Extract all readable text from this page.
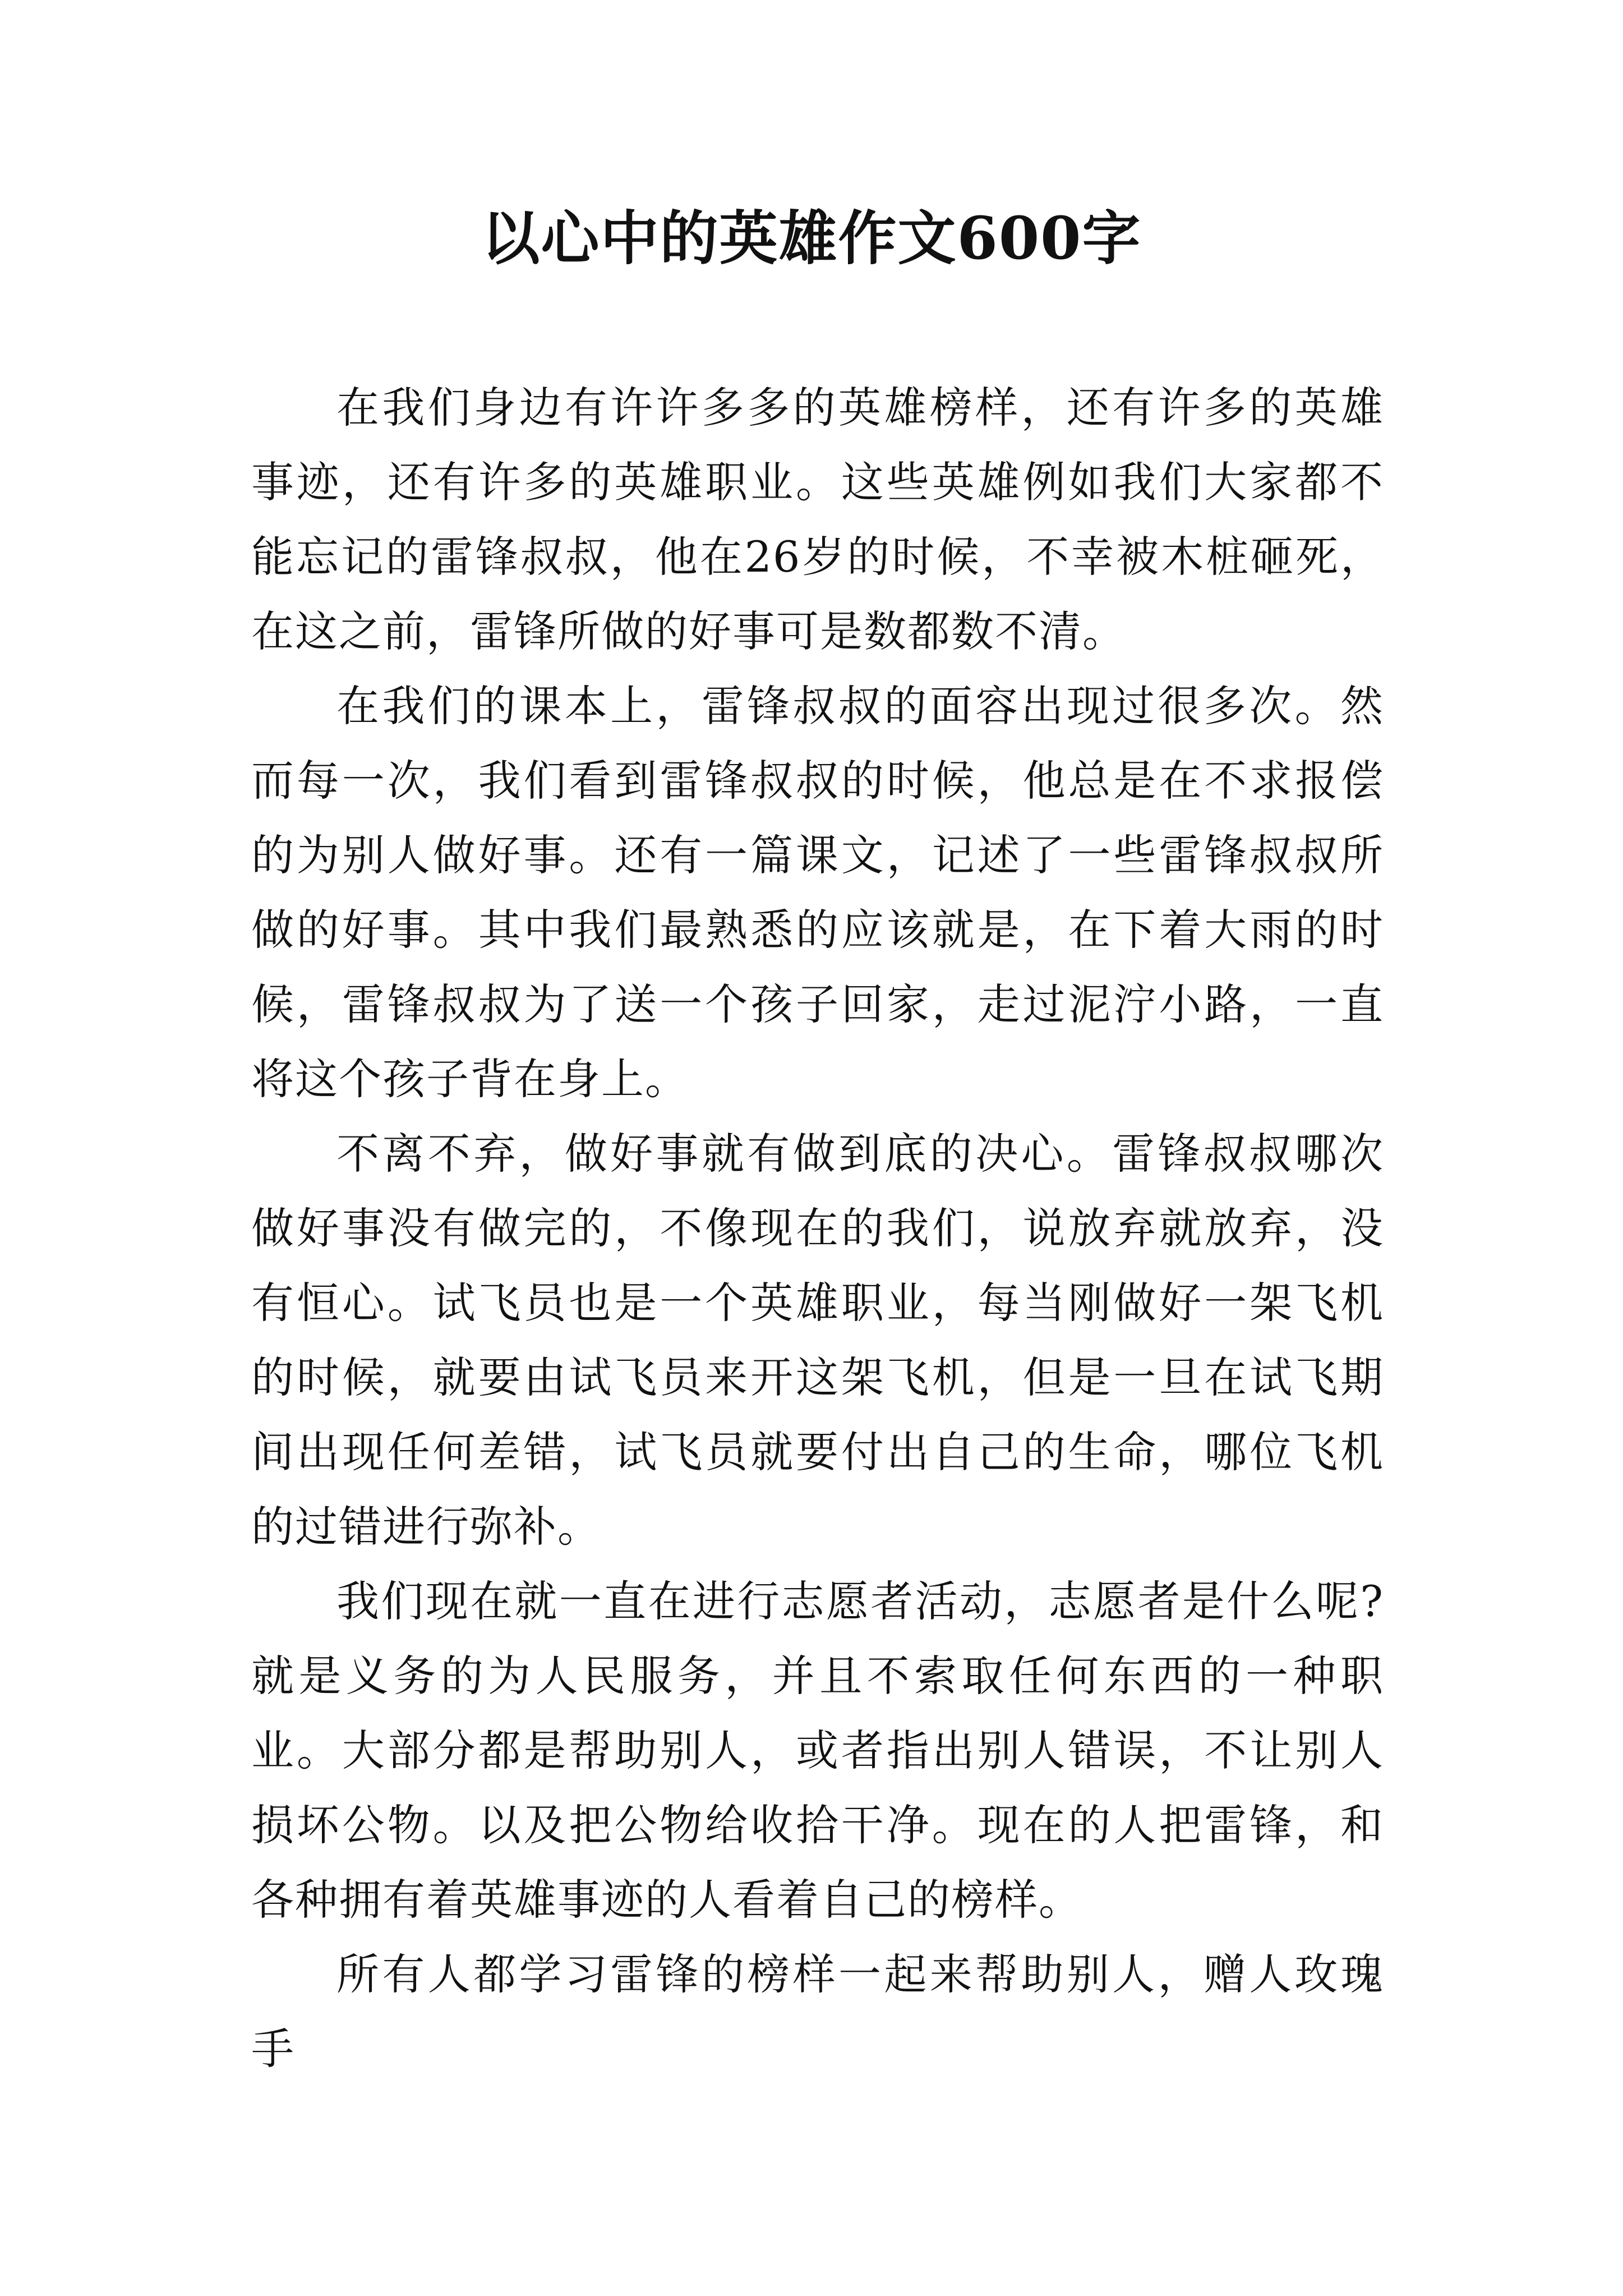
以心中的英雄作文600字

在我们身边有许许多多的英雄榜样，还有许多的英雄事迹，还有许多的英雄职业。这些英雄例如我们大家都不能忘记的雷锋叔叔，他在26岁的时候，不幸被木桩砸死，在这之前，雷锋所做的好事可是数都数不清。

在我们的课本上，雷锋叔叔的面容出现过很多次。然而每一次，我们看到雷锋叔叔的时候，他总是在不求报偿的为别人做好事。还有一篇课文，记述了一些雷锋叔叔所做的好事。其中我们最熟悉的应该就是，在下着大雨的时候，雷锋叔叔为了送一个孩子回家，走过泥泞小路，一直将这个孩子背在身上。

不离不弃，做好事就有做到底的决心。雷锋叔叔哪次做好事没有做完的，不像现在的我们，说放弃就放弃，没有恒心。试飞员也是一个英雄职业，每当刚做好一架飞机的时候，就要由试飞员来开这架飞机，但是一旦在试飞期间出现任何差错，试飞员就要付出自己的生命，哪位飞机的过错进行弥补。

我们现在就一直在进行志愿者活动，志愿者是什么呢?就是义务的为人民服务，并且不索取任何东西的一种职业。大部分都是帮助别人，或者指出别人错误，不让别人损坏公物。以及把公物给收拾干净。现在的人把雷锋，和各种拥有着英雄事迹的人看着自己的榜样。

所有人都学习雷锋的榜样一起来帮助别人，赠人玫瑰手
